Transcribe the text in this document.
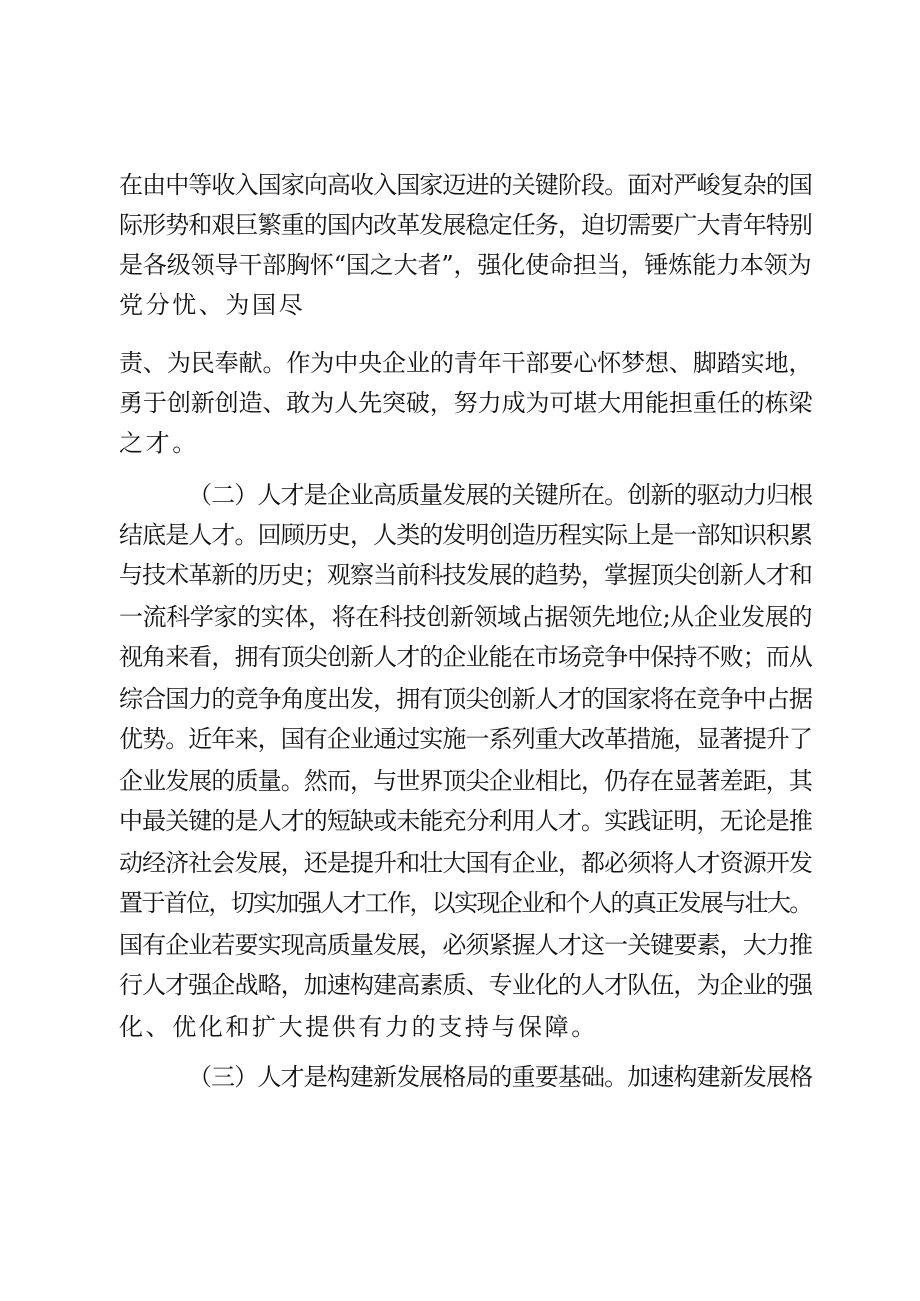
在由中等收入国家向高收入国家迈进的关键阶段。面对严峻复杂的国
际形势和艰巨繁重的国内改革发展稳定任务，迫切需要广大青年特别
是各级领导干部胸怀“国之大者”，强化使命担当，锤炼能力本领为
党分忧、为国尽
责、为民奉献。作为中央企业的青年干部要心怀梦想、脚踏实地，
勇于创新创造、敢为人先突破，努力成为可堪大用能担重任的栋梁
之才。
（二）人才是企业高质量发展的关键所在。创新的驱动力归根
结底是人才。回顾历史，人类的发明创造历程实际上是一部知识积累
与技术革新的历史；观察当前科技发展的趋势，掌握顶尖创新人才和
一流科学家的实体，将在科技创新领域占据领先地位;从企业发展的
视角来看，拥有顶尖创新人才的企业能在市场竞争中保持不败；而从
综合国力的竞争角度出发，拥有顶尖创新人才的国家将在竞争中占据
优势。近年来，国有企业通过实施一系列重大改革措施，显著提升了
企业发展的质量。然而，与世界顶尖企业相比，仍存在显著差距，其
中最关键的是人才的短缺或未能充分利用人才。实践证明，无论是推
动经济社会发展，还是提升和壮大国有企业，都必须将人才资源开发
置于首位，切实加强人才工作，以实现企业和个人的真正发展与壮大。
国有企业若要实现高质量发展，必须紧握人才这一关键要素，大力推
行人才强企战略，加速构建高素质、专业化的人才队伍，为企业的强
化、优化和扩大提供有力的支持与保障。
（三）人才是构建新发展格局的重要基础。加速构建新发展格
